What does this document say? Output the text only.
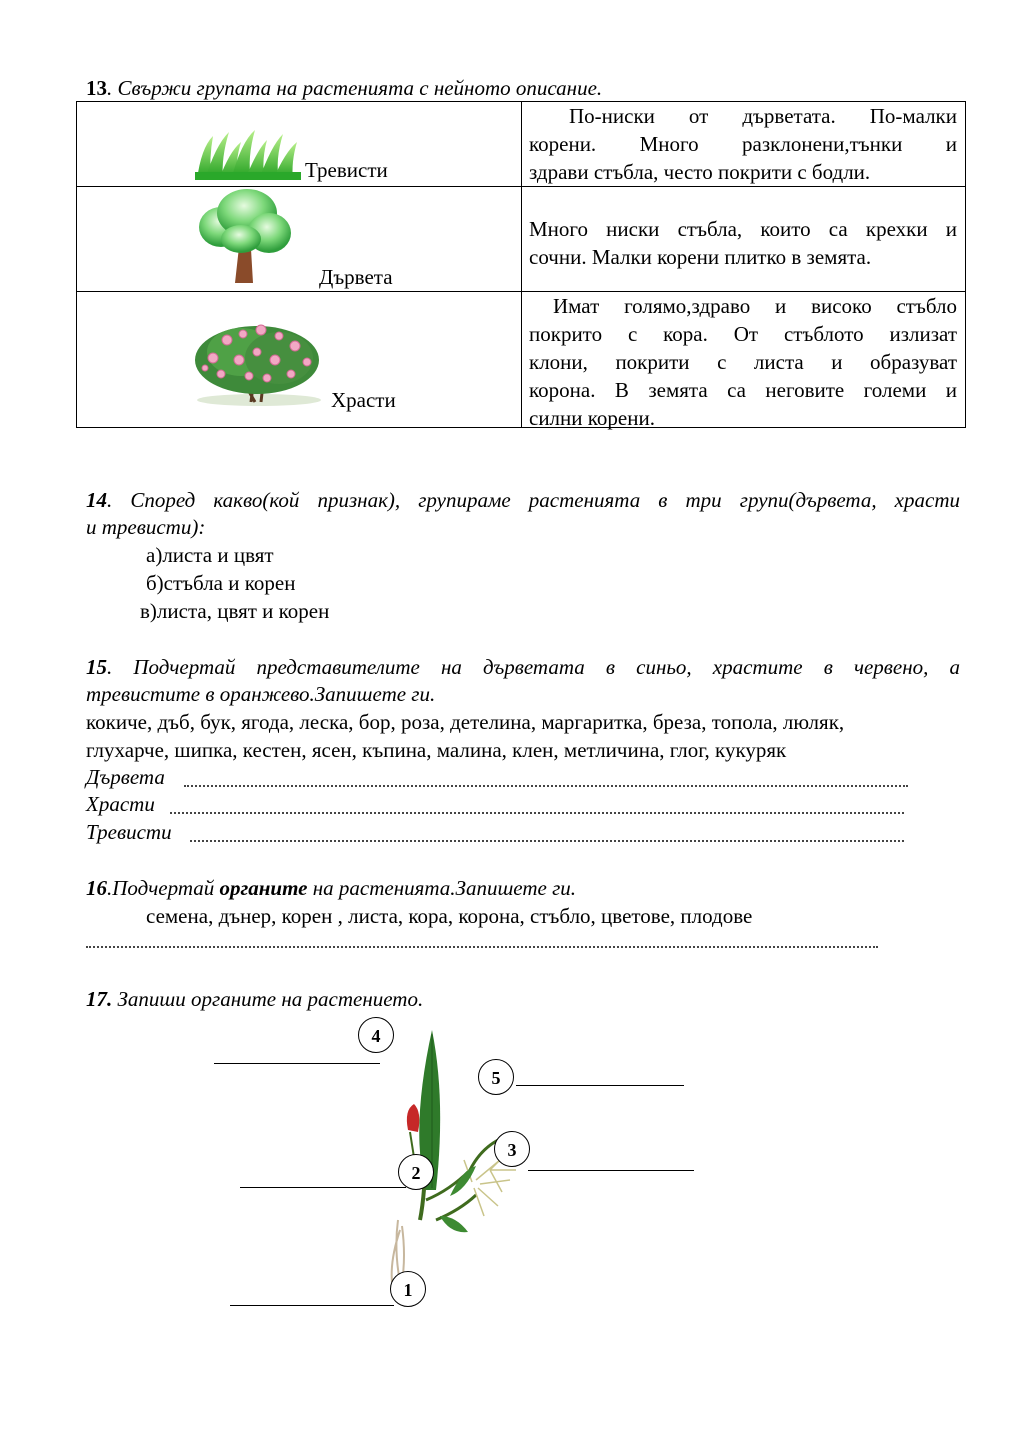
13. Свържи групата на растенията с нейното описание.
Тревисти
По-ниски от дърветата. По-малки
корени. Много разклонени,тънки и
здрави стъбла, често покрити с бодли.
Дървета
Много ниски стъбла, които са крехки и
сочни. Малки корени плитко в земята.
Храсти
Имат голямо,здраво и високо стъбло
покрито с кора. От стъблото излизат
клони, покрити с листа и образуват
корона. В земята са неговите големи и
силни корени.
14. Според какво(кой признак), групираме растенията в три групи(дървета, храсти
и тревисти):
а)листа и цвят
б)стъбла и корен
в)листа, цвят и корен
15. Подчертай представителите на дърветата в синьо, храстите в червено, а
тревистите в оранжево.Запишете ги.
кокиче, дъб, бук, ягода, леска, бор, роза, детелина, маргаритка, бреза, топола, люляк,
глухарче, шипка, кестен, ясен, къпина, малина, клен, метличина, глог, кукуряк
Дървета
Храсти
Тревисти
16.Подчертай органите на растенията.Запишете ги.
семена, дънер, корен , листа, кора, корона, стъбло, цветове, плодове
17. Запиши органите на растението.
4
5
3
2
1
